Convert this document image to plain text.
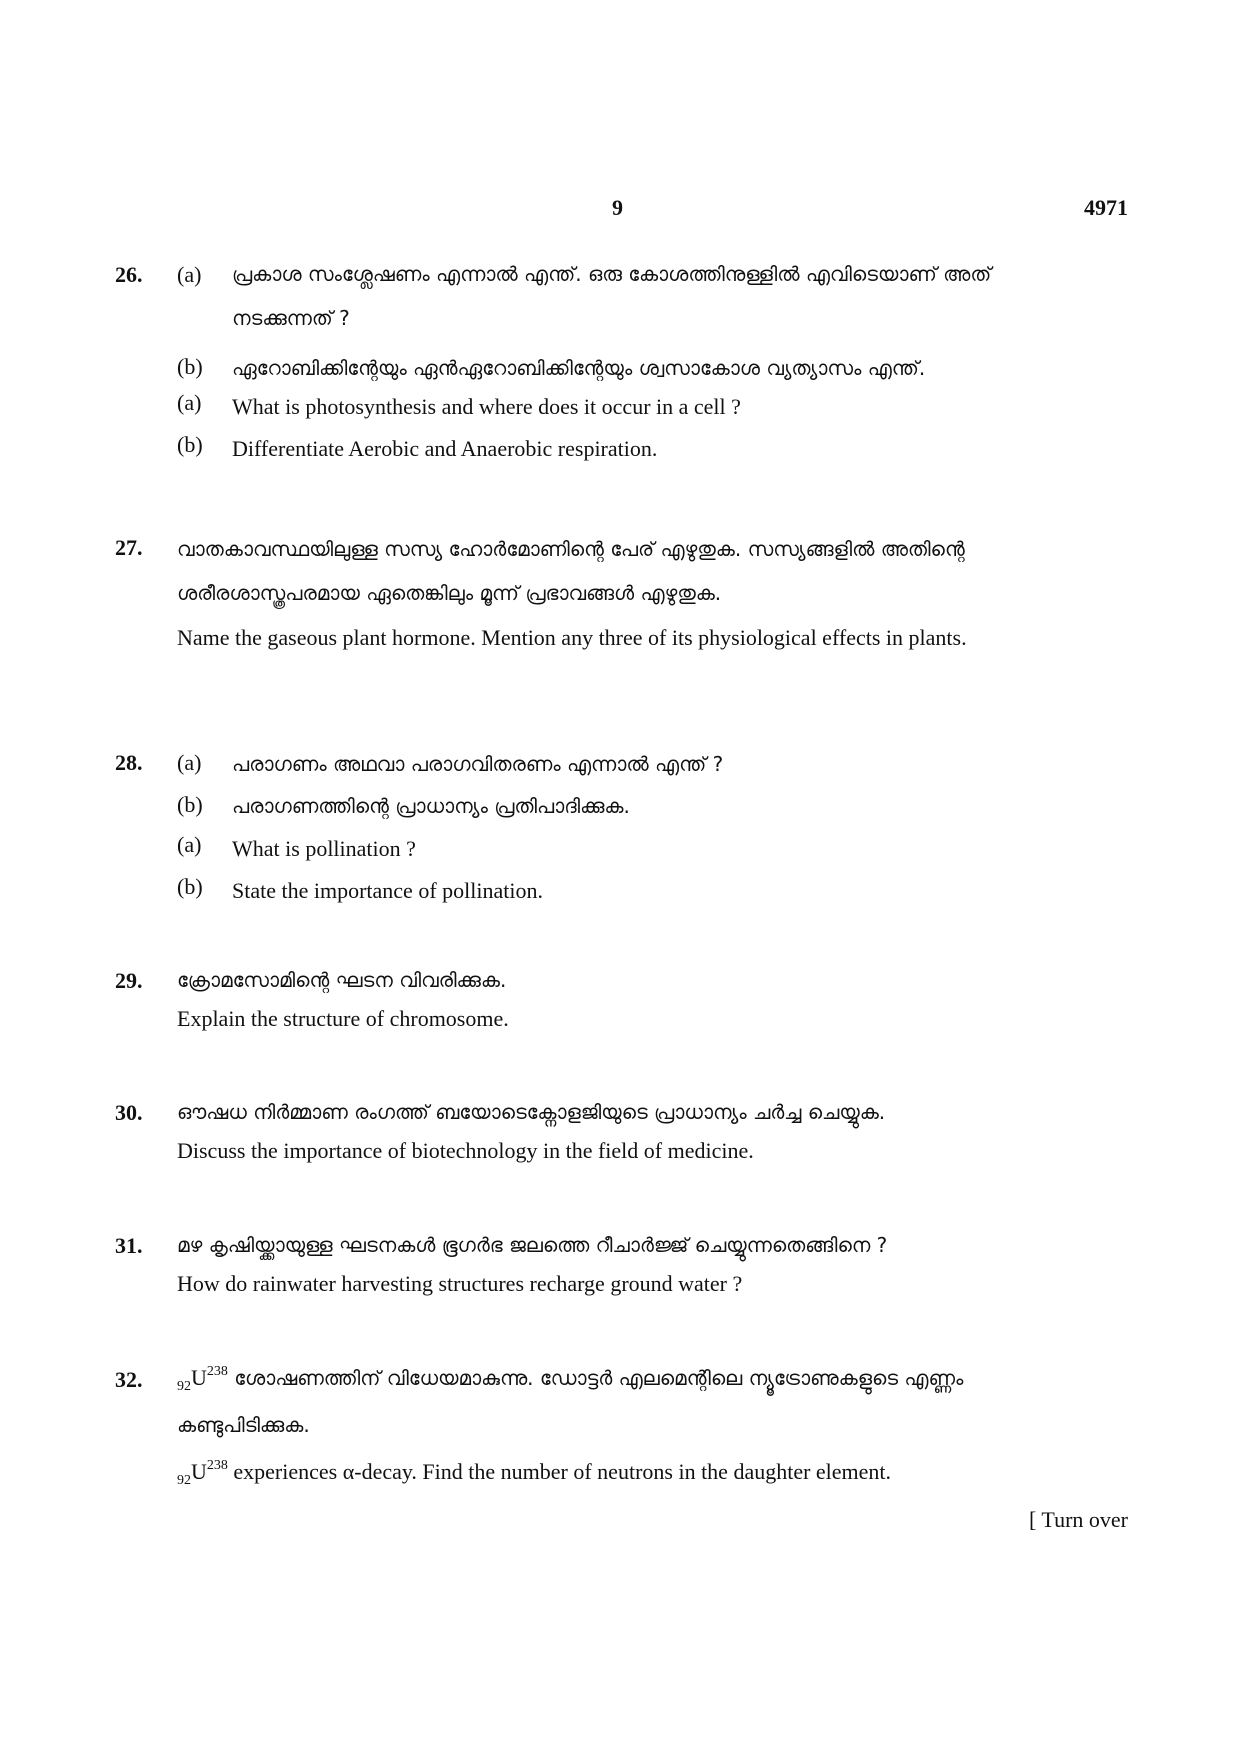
9	4971
26.	(a) പ്രകാശ സംശ്ലേഷണം എന്നാൽ എന്ത്. ഒരു കോശത്തിനുള്ളിൽ എവിടെയാണ് അത് നടക്കുന്നത് ?
(b) ഏറോബിക്കിന്റേയും ഏൻഏറോബിക്കിന്റേയും ശ്വസാകോശ വ്യത്യാസം എന്ത്.
(a) What is photosynthesis and where does it occur in a cell ?
(b) Differentiate Aerobic and Anaerobic respiration.
27.	വാതകാവസ്ഥയിലുള്ള സസ്യ ഹോർമോണിന്റെ പേര് എഴുതുക. സസ്യങ്ങളിൽ അതിന്റെ ശരീരശാസ്ത്രപരമായ ഏതെങ്കിലും മൂന്ന് പ്രഭാവങ്ങൾ എഴുതുക.
Name the gaseous plant hormone. Mention any three of its physiological effects in plants.
28.	(a) പരാഗണം അഥവാ പരാഗവിതരണം എന്നാൽ എന്ത് ?
(b) പരാഗണത്തിന്റെ പ്രാധാന്യം പ്രതിപാദിക്കുക.
(a) What is pollination ?
(b) State the importance of pollination.
29.	ക്രോമസോമിന്റെ ഘടന വിവരിക്കുക.
Explain the structure of chromosome.
30.	ഔഷധ നിർമ്മാണ രംഗത്ത് ബയോടെക്നോളജിയുടെ പ്രാധാന്യം ചർച്ച ചെയ്യുക.
Discuss the importance of biotechnology in the field of medicine.
31.	മഴ കൃഷിയ്ക്കായുള്ള ഘടനകൾ ഭൂഗർഭ ജലത്തെ റീചാർജ്ജ് ചെയ്യുന്നതെങ്ങിനെ ?
How do rainwater harvesting structures recharge ground water ?
32.	$_{92}U^{238}$ ശോഷണത്തിന് വിധേയമാകുന്നു. ഡോട്ടർ എലമെന്റിലെ ന്യൂട്രോണുകളുടെ എണ്ണം കണ്ടുപിടിക്കുക.
$_{92}U^{238}$ experiences α-decay. Find the number of neutrons in the daughter element.
[ Turn over
